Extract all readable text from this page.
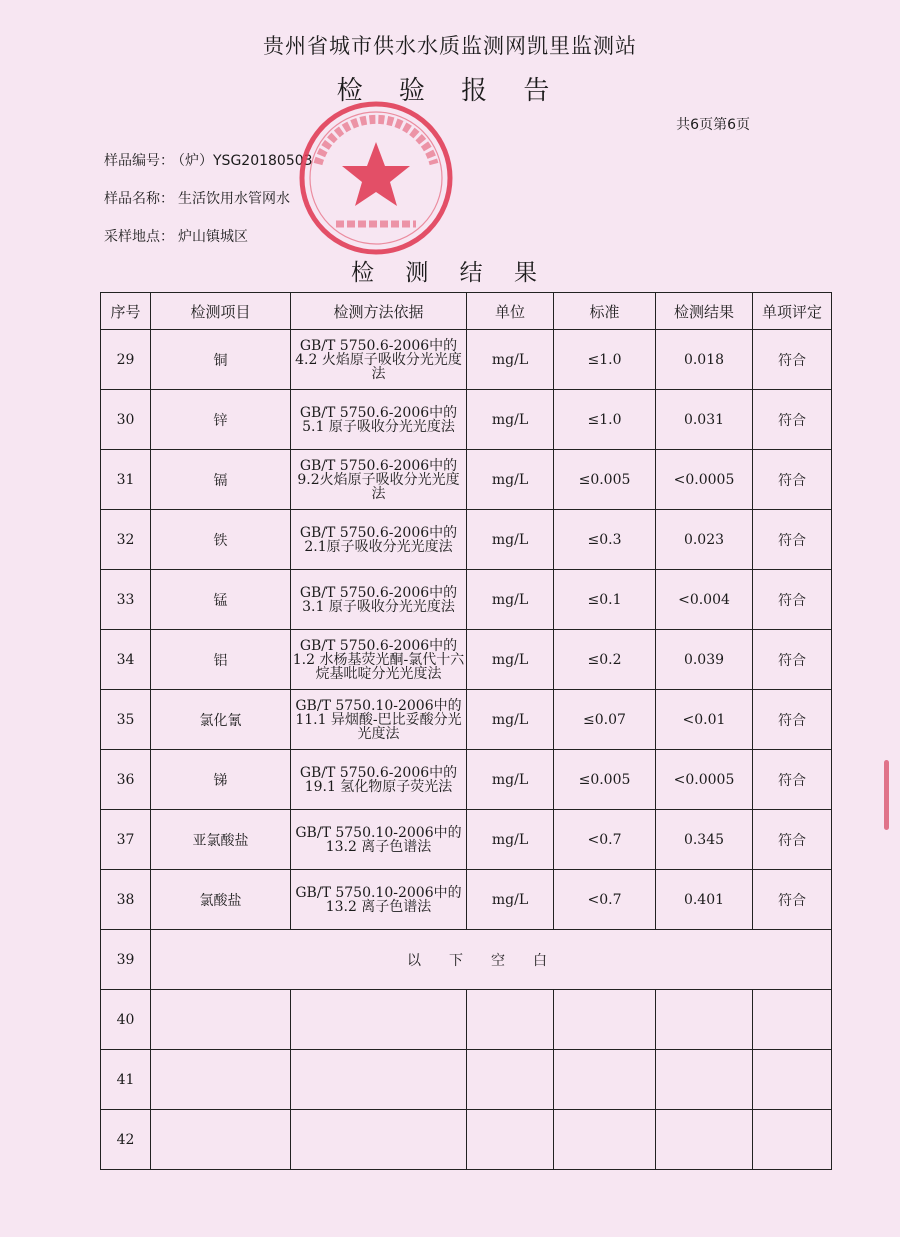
贵州省城市供水水质监测网凯里监测站
检 验 报 告
共6页第6页
样品编号： （炉）YSG20180503
样品名称： 生活饮用水管网水
采样地点： 炉山镇城区
检 测 结 果
序号	检测项目	检测方法依据	单位	标准	检测结果	单项评定
29	铜	GB/T 5750.6-2006中的4.2 火焰原子吸收分光光度法	mg/L	≤1.0	0.018	符合
30	锌	GB/T 5750.6-2006中的5.1 原子吸收分光光度法	mg/L	≤1.0	0.031	符合
31	镉	GB/T 5750.6-2006中的9.2火焰原子吸收分光光度法	mg/L	≤0.005	<0.0005	符合
32	铁	GB/T 5750.6-2006中的2.1原子吸收分光光度法	mg/L	≤0.3	0.023	符合
33	锰	GB/T 5750.6-2006中的3.1 原子吸收分光光度法	mg/L	≤0.1	<0.004	符合
34	铝	GB/T 5750.6-2006中的1.2 水杨基荧光酮-氯代十六烷基吡啶分光光度法	mg/L	≤0.2	0.039	符合
35	氯化氰	GB/T 5750.10-2006中的11.1 异烟酸-巴比妥酸分光光度法	mg/L	≤0.07	<0.01	符合
36	锑	GB/T 5750.6-2006中的19.1 氢化物原子荧光法	mg/L	≤0.005	<0.0005	符合
37	亚氯酸盐	GB/T 5750.10-2006中的13.2 离子色谱法	mg/L	<0.7	0.345	符合
38	氯酸盐	GB/T 5750.10-2006中的13.2 离子色谱法	mg/L	<0.7	0.401	符合
39	以下空白					
40						
41						
42						
